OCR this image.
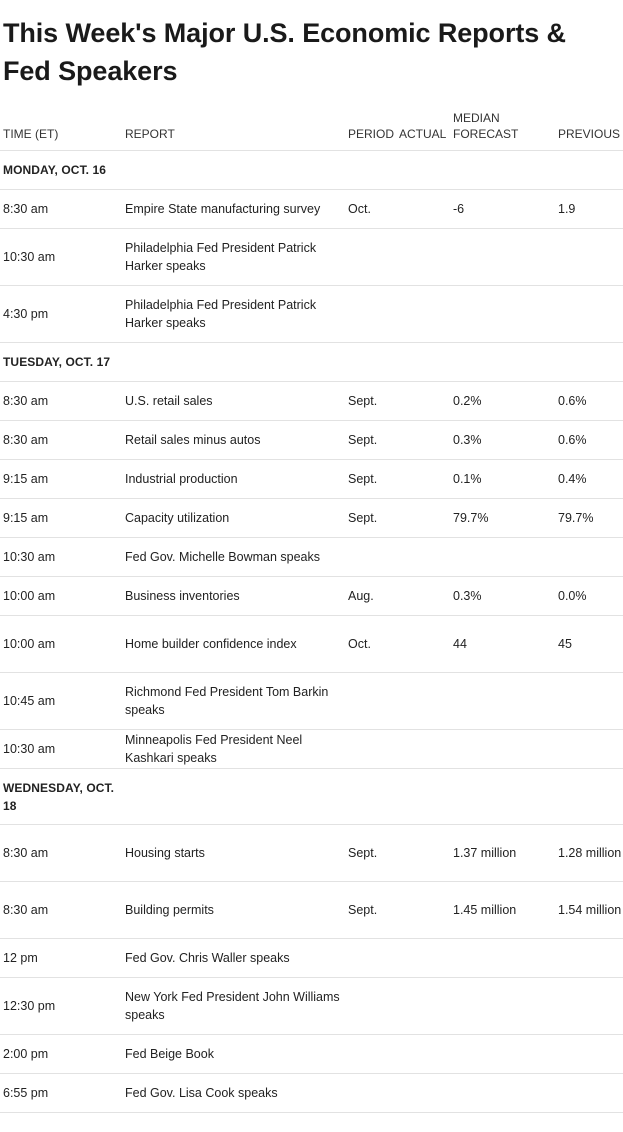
This Week's Major U.S. Economic Reports & Fed Speakers
TIME (ET)	REPORT	PERIOD	ACTUAL	MEDIAN FORECAST	PREVIOUS

MONDAY, OCT. 16					

8:30 am	Empire State manufacturing survey	Oct.		-6	1.9
10:30 am	Philadelphia Fed President Patrick Harker speaks				
4:30 pm	Philadelphia Fed President Patrick Harker speaks				

TUESDAY, OCT. 17					

8:30 am	U.S. retail sales	Sept.		0.2%	0.6%
8:30 am	Retail sales minus autos	Sept.		0.3%	0.6%
9:15 am	Industrial production	Sept.		0.1%	0.4%
9:15 am	Capacity utilization	Sept.		79.7%	79.7%
10:30 am	Fed Gov. Michelle Bowman speaks				
10:00 am	Business inventories	Aug.		0.3%	0.0%
10:00 am	Home builder confidence index	Oct.		44	45
10:45 am	Richmond Fed President Tom Barkin speaks				
10:30 am	Minneapolis Fed President Neel Kashkari speaks				

WEDNESDAY, OCT. 18					

8:30 am	Housing starts	Sept.		1.37 million	1.28 million
8:30 am	Building permits	Sept.		1.45 million	1.54 million
12 pm	Fed Gov. Chris Waller speaks				
12:30 pm	New York Fed President John Williams speaks				
2:00 pm	Fed Beige Book				
6:55 pm	Fed Gov. Lisa Cook speaks				
